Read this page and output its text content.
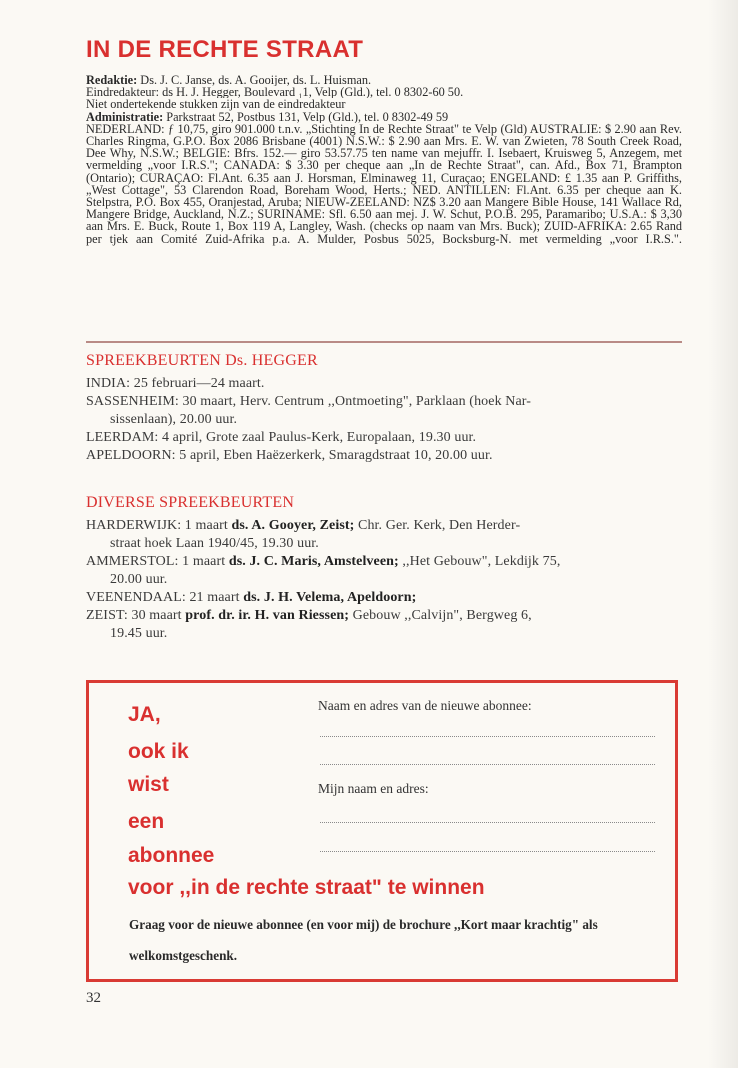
IN DE RECHTE STRAAT
Redaktie: Ds. J. C. Janse, ds. A. Gooijer, ds. L. Huisman.
Eindredakteur: ds H. J. Hegger, Boulevard ₁1, Velp (Gld.), tel. 0 8302-60 50.
Niet ondertekende stukken zijn van de eindredakteur
Administratie: Parkstraat 52, Postbus 131, Velp (Gld.), tel. 0 8302-49 59
NEDERLAND: ƒ 10,75, giro 901.000 t.n.v. „Stichting In de Rechte Straat" te Velp (Gld) AUSTRALIE: $ 2.90 aan Rev. Charles Ringma, G.P.O. Box 2086 Brisbane (4001) N.S.W.: $ 2.90 aan Mrs. E. W. van Zwieten, 78 South Creek Road, Dee Why, N.S.W.; BELGIE: Bfrs. 152.— giro 53.57.75 ten name van mejuffr. I. Isebaert, Kruisweg 5, Anzegem, met vermelding „voor I.R.S."; CANADA: $ 3.30 per cheque aan „In de Rechte Straat", can. Afd., Box 71, Brampton (Ontario); CURAÇAO: Fl.Ant. 6.35 aan J. Horsman, Elminaweg 11, Curaçao; ENGELAND: £ 1.35 aan P. Griffiths, „West Cottage", 53 Clarendon Road, Boreham Wood, Herts.; NED. ANTILLEN: Fl.Ant. 6.35 per cheque aan K. Stelpstra, P.O. Box 455, Oranjestad, Aruba; NIEUW-ZEELAND: NZ$ 3.20 aan Mangere Bible House, 141 Wallace Rd, Mangere Bridge, Auckland, N.Z.; SURINAME: Sfl. 6.50 aan mej. J. W. Schut, P.O.B. 295, Paramaribo; U.S.A.: $ 3,30 aan Mrs. E. Buck, Route 1, Box 119 A, Langley, Wash. (checks op naam van Mrs. Buck); ZUID-AFRIKA: 2.65 Rand per tjek aan Comité Zuid-Afrika p.a. A. Mulder, Posbus 5025, Bocksburg-N. met vermelding „voor I.R.S.".
SPREEKBEURTEN Ds. HEGGER
INDIA: 25 februari—24 maart.
SASSENHEIM: 30 maart, Herv. Centrum ,,Ontmoeting", Parklaan (hoek Nar-
sissenlaan), 20.00 uur.
LEERDAM: 4 april, Grote zaal Paulus-Kerk, Europalaan, 19.30 uur.
APELDOORN: 5 april, Eben Haëzerkerk, Smaragdstraat 10, 20.00 uur.
DIVERSE SPREEKBEURTEN
HARDERWIJK: 1 maart ds. A. Gooyer, Zeist; Chr. Ger. Kerk, Den Herder-
straat hoek Laan 1940/45, 19.30 uur.
AMMERSTOL: 1 maart ds. J. C. Maris, Amstelveen; ,,Het Gebouw", Lekdijk 75,
20.00 uur.
VEENENDAAL: 21 maart ds. J. H. Velema, Apeldoorn;
ZEIST: 30 maart prof. dr. ir. H. van Riessen; Gebouw ,,Calvijn", Bergweg 6,
19.45 uur.
JA,
ook ik
wist
een
abonnee
Naam en adres van de nieuwe abonnee:
Mijn naam en adres:
voor ,,in de rechte straat" te winnen
Graag voor de nieuwe abonnee (en voor mij) de brochure ,,Kort maar krachtig" als welkomstgeschenk.
32
